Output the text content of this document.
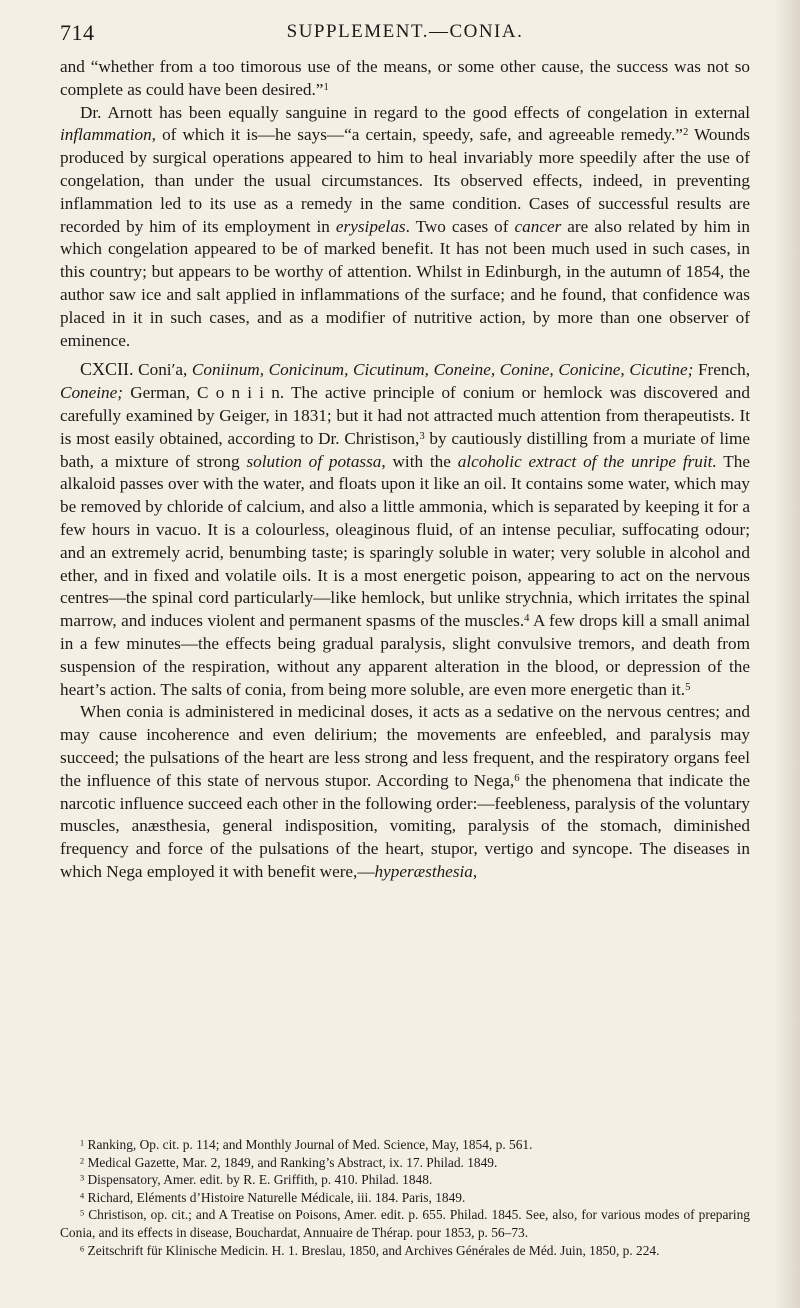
714	SUPPLEMENT.—CONIA.

and “whether from a too timorous use of the means, or some other cause, the success was not so complete as could have been desired.”$^1$

Dr. Arnott has been equally sanguine in regard to the good effects of congelation in external inflammation, of which it is—he says—“a certain, speedy, safe, and agreeable remedy.”$^2$ Wounds produced by surgical operations appeared to him to heal invariably more speedily after the use of congelation, than under the usual circumstances. Its observed effects, indeed, in preventing inflammation led to its use as a remedy in the same condition. Cases of successful results are recorded by him of its employment in erysipelas. Two cases of cancer are also related by him in which congelation appeared to be of marked benefit. It has not been much used in such cases, in this country; but appears to be worthy of attention. Whilst in Edinburgh, in the autumn of 1854, the author saw ice and salt applied in inflammations of the surface; and he found, that confidence was placed in it in such cases, and as a modifier of nutritive action, by more than one observer of eminence.

CXCII. Coni′a, Coniinum, Conicinum, Cicutinum, Coneine, Conine, Conicine, Cicutine; French, Coneine; German, C o n i i n. The active principle of conium or hemlock was discovered and carefully examined by Geiger, in 1831; but it had not attracted much attention from therapeutists. It is most easily obtained, according to Dr. Christison,$^3$ by cautiously distilling from a muriate of lime bath, a mixture of strong solution of potassa, with the alcoholic extract of the unripe fruit. The alkaloid passes over with the water, and floats upon it like an oil. It contains some water, which may be removed by chloride of calcium, and also a little ammonia, which is separated by keeping it for a few hours in vacuo. It is a colourless, oleaginous fluid, of an intense peculiar, suffocating odour; and an extremely acrid, benumbing taste; is sparingly soluble in water; very soluble in alcohol and ether, and in fixed and volatile oils. It is a most energetic poison, appearing to act on the nervous centres—the spinal cord particularly—like hemlock, but unlike strychnia, which irritates the spinal marrow, and induces violent and permanent spasms of the muscles.$^4$ A few drops kill a small animal in a few minutes—the effects being gradual paralysis, slight convulsive tremors, and death from suspension of the respiration, without any apparent alteration in the blood, or depression of the heart’s action. The salts of conia, from being more soluble, are even more energetic than it.$^5$

When conia is administered in medicinal doses, it acts as a sedative on the nervous centres; and may cause incoherence and even delirium; the movements are enfeebled, and paralysis may succeed; the pulsations of the heart are less strong and less frequent, and the respiratory organs feel the influence of this state of nervous stupor. According to Nega,$^6$ the phenomena that indicate the narcotic influence succeed each other in the following order:—feebleness, paralysis of the voluntary muscles, anæsthesia, general indisposition, vomiting, paralysis of the stomach, diminished frequency and force of the pulsations of the heart, stupor, vertigo and syncope. The diseases in which Nega employed it with benefit were,—hyperæsthesia,

$^1$ Ranking, Op. cit. p. 114; and Monthly Journal of Med. Science, May, 1854, p. 561.

$^2$ Medical Gazette, Mar. 2, 1849, and Ranking’s Abstract, ix. 17. Philad. 1849.

$^3$ Dispensatory, Amer. edit. by R. E. Griffith, p. 410. Philad. 1848.

$^4$ Richard, Eléments d’Histoire Naturelle Médicale, iii. 184. Paris, 1849.

$^5$ Christison, op. cit.; and A Treatise on Poisons, Amer. edit. p. 655. Philad. 1845. See, also, for various modes of preparing Conia, and its effects in disease, Bouchardat, Annuaire de Thérap. pour 1853, p. 56–73.

$^6$ Zeitschrift für Klinische Medicin. H. 1. Breslau, 1850, and Archives Générales de Méd. Juin, 1850, p. 224.
